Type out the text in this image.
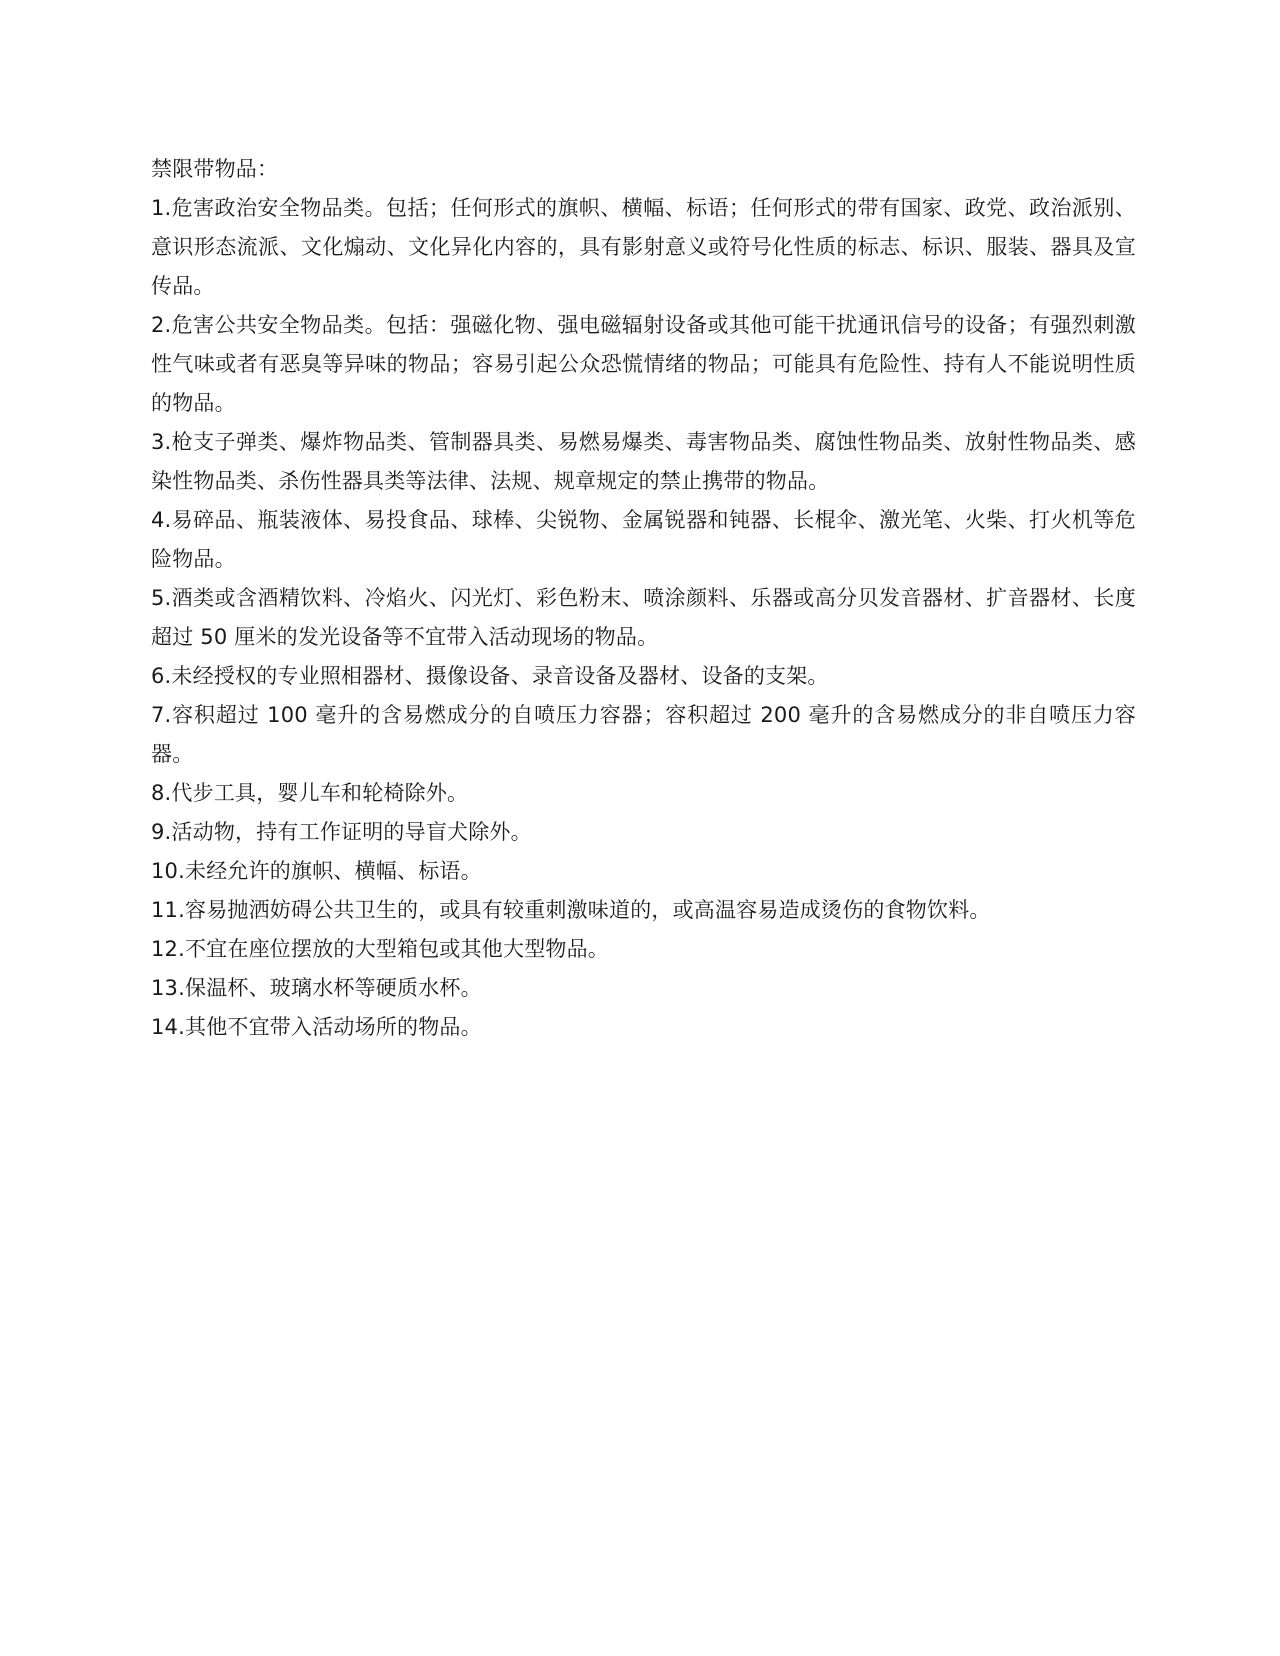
禁限带物品：

1.危害政治安全物品类。包括；任何形式的旗帜、横幅、标语；任何形式的带有国家、政党、政治派别、意识形态流派、文化煽动、文化异化内容的，具有影射意义或符号化性质的标志、标识、服装、器具及宣传品。

2.危害公共安全物品类。包括：强磁化物、强电磁辐射设备或其他可能干扰通讯信号的设备；有强烈刺激性气味或者有恶臭等异味的物品；容易引起公众恐慌情绪的物品；可能具有危险性、持有人不能说明性质的物品。

3.枪支子弹类、爆炸物品类、管制器具类、易燃易爆类、毒害物品类、腐蚀性物品类、放射性物品类、感染性物品类、杀伤性器具类等法律、法规、规章规定的禁止携带的物品。

4.易碎品、瓶装液体、易投食品、球棒、尖锐物、金属锐器和钝器、长棍伞、激光笔、火柴、打火机等危险物品。

5.酒类或含酒精饮料、冷焰火、闪光灯、彩色粉末、喷涂颜料、乐器或高分贝发音器材、扩音器材、长度超过 50 厘米的发光设备等不宜带入活动现场的物品。

6.未经授权的专业照相器材、摄像设备、录音设备及器材、设备的支架。

7.容积超过 100 毫升的含易燃成分的自喷压力容器；容积超过 200 毫升的含易燃成分的非自喷压力容器。

8.代步工具，婴儿车和轮椅除外。

9.活动物，持有工作证明的导盲犬除外。

10.未经允许的旗帜、横幅、标语。

11.容易抛洒妨碍公共卫生的，或具有较重刺激味道的，或高温容易造成烫伤的食物饮料。

12.不宜在座位摆放的大型箱包或其他大型物品。

13.保温杯、玻璃水杯等硬质水杯。

14.其他不宜带入活动场所的物品。
